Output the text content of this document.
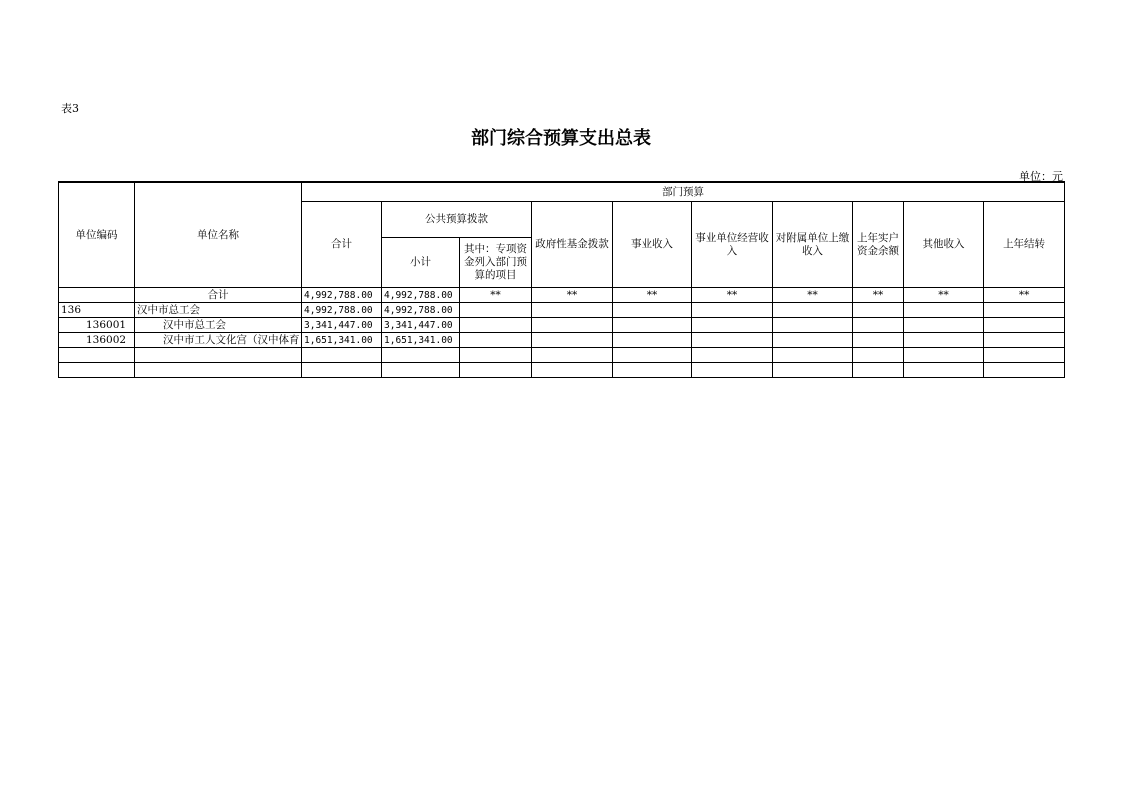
表3
部门综合预算支出总表
单位：元
单位编码	单位名称	部门预算									
		合计	公共预算拨款		政府性基金拨款	事业收入	事业单位经营收入	对附属单位上缴收入	上年实户资金余额	其他收入	上年结转
			小计	其中：专项资金列入部门预算的项目							
	合计	4,992,788.00	4,992,788.00	**	**	**	**	**	**	**	**
136	汉中市总工会	4,992,788.00	4,992,788.00								
136001	汉中市总工会	3,341,447.00	3,341,447.00								
136002	汉中市工人文化宫（汉中体育	1,651,341.00	1,651,341.00								
